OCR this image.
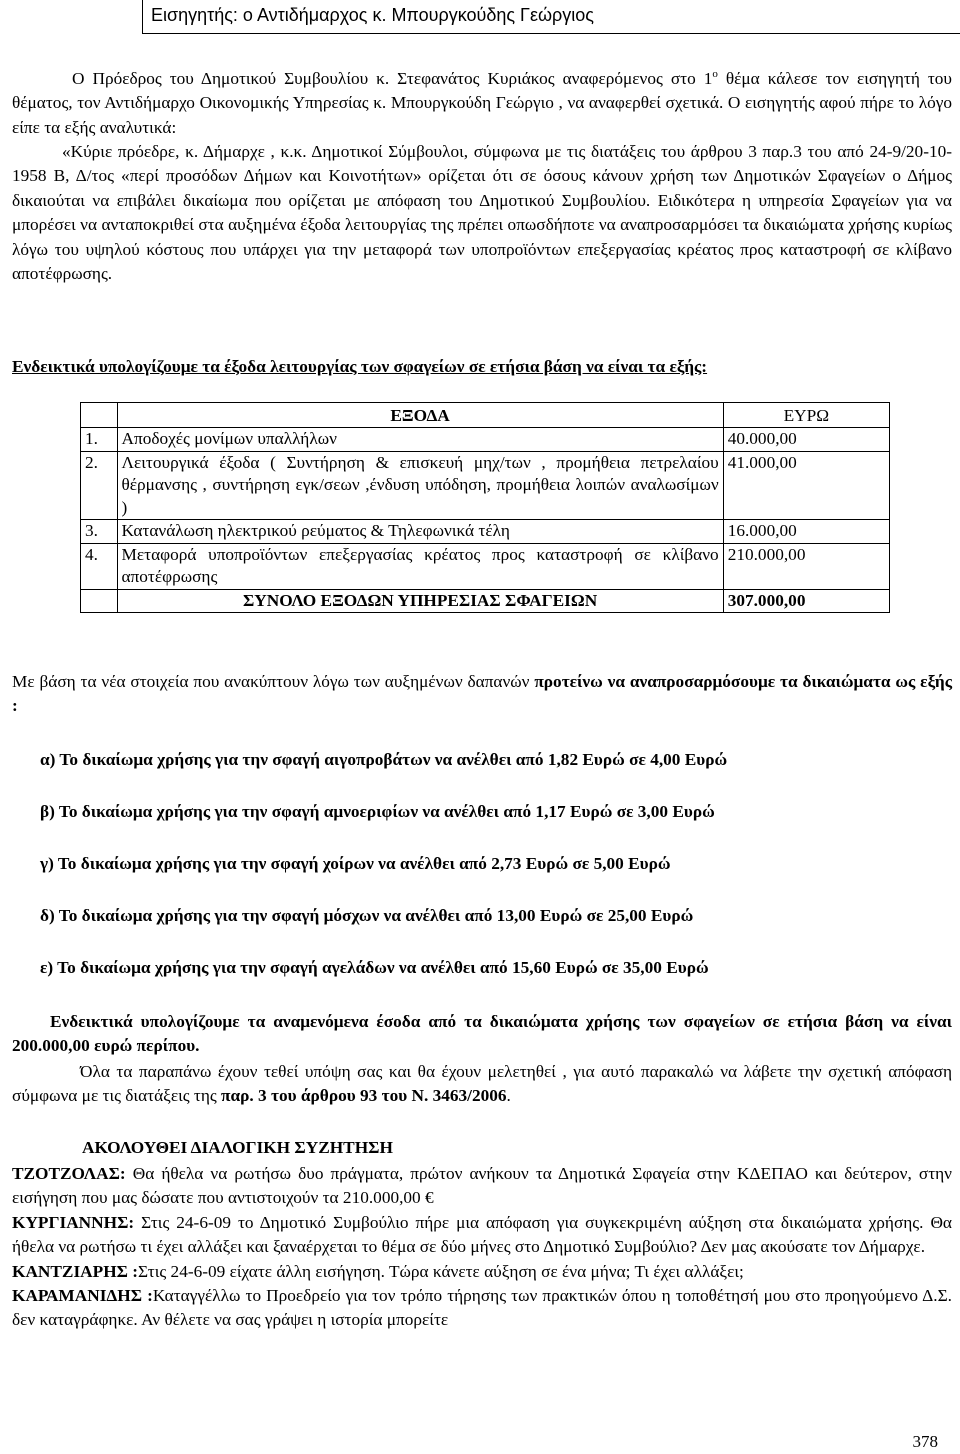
Εισηγητής: ο Αντιδήμαρχος κ. Μπουργκούδης Γεώργιος

Ο Πρόεδρος του Δημοτικού Συμβουλίου κ. Στεφανάτος Κυριάκος αναφερόμενος στο $1^o$ θέμα κάλεσε τον εισηγητή του θέματος, τον Αντιδήμαρχο Οικονομικής Υπηρεσίας κ. Μπουργκούδη Γεώργιο , να αναφερθεί σχετικά. Ο εισηγητής αφού πήρε το λόγο είπε τα εξής αναλυτικά:
«Κύριε πρόεδρε, κ. Δήμαρχε , κ.κ. Δημοτικοί Σύμβουλοι, σύμφωνα με τις διατάξεις του άρθρου 3 παρ.3 του από 24-9/20-10-1958 Β, Δ/τος «περί προσόδων Δήμων και Κοινοτήτων» ορίζεται ότι σε όσους κάνουν χρήση των Δημοτικών Σφαγείων ο Δήμος δικαιούται να επιβάλει δικαίωμα που ορίζεται με απόφαση του Δημοτικού Συμβουλίου. Ειδικότερα η υπηρεσία Σφαγείων για να μπορέσει να ανταποκριθεί στα αυξημένα έξοδα λειτουργίας της πρέπει οπωσδήποτε να αναπροσαρμόσει τα δικαιώματα χρήσης κυρίως λόγω του υψηλού κόστους που υπάρχει για την μεταφορά των υποπροϊόντων επεξεργασίας κρέατος προς καταστροφή σε κλίβανο αποτέφρωσης.

Ενδεικτικά υπολογίζουμε τα έξοδα λειτουργίας των σφαγείων σε ετήσια βάση να είναι τα εξής:

	ΕΞΟΔΑ	ΕΥΡΩ
1.	Αποδοχές μονίμων υπαλλήλων	40.000,00
2.	Λειτουργικά έξοδα ( Συντήρηση & επισκευή μηχ/των , προμήθεια πετρελαίου θέρμανσης , συντήρηση εγκ/σεων ,ένδυση υπόδηση, προμήθεια λοιπών αναλωσίμων )	41.000,00
3.	Κατανάλωση ηλεκτρικού ρεύματος & Τηλεφωνικά τέλη	16.000,00
4.	Μεταφορά υποπροϊόντων επεξεργασίας κρέατος προς καταστροφή σε κλίβανο αποτέφρωσης	210.000,00
	ΣΥΝΟΛΟ ΕΞΟΔΩΝ ΥΠΗΡΕΣΙΑΣ ΣΦΑΓΕΙΩΝ	307.000,00

Με βάση τα νέα στοιχεία που ανακύπτουν λόγω των αυξημένων δαπανών προτείνω να αναπροσαρμόσουμε τα δικαιώματα ως εξής :

α) Το δικαίωμα χρήσης για την σφαγή αιγοπροβάτων να ανέλθει από 1,82 Ευρώ σε 4,00 Ευρώ
β) Το δικαίωμα χρήσης για την σφαγή αμνοεριφίων να ανέλθει από 1,17 Ευρώ σε 3,00 Ευρώ
γ) Το δικαίωμα χρήσης για την σφαγή χοίρων να ανέλθει από 2,73 Ευρώ σε 5,00 Ευρώ
δ) Το δικαίωμα χρήσης για την σφαγή μόσχων να ανέλθει από 13,00 Ευρώ σε 25,00 Ευρώ
ε) Το δικαίωμα χρήσης για την σφαγή αγελάδων να ανέλθει από 15,60 Ευρώ σε 35,00 Ευρώ

Ενδεικτικά υπολογίζουμε τα αναμενόμενα έσοδα από τα δικαιώματα χρήσης των σφαγείων σε ετήσια βάση να είναι 200.000,00 ευρώ περίπου.

Όλα τα παραπάνω έχουν τεθεί υπόψη σας και θα έχουν μελετηθεί , για αυτό παρακαλώ να λάβετε την σχετική απόφαση σύμφωνα με τις διατάξεις της παρ. 3 του άρθρου 93 του Ν. 3463/2006.

ΑΚΟΛΟΥΘΕΙ ΔΙΑΛΟΓΙΚΗ ΣΥΖΗΤΗΣΗ

ΤΖΟΤΖΟΛΑΣ: Θα ήθελα να ρωτήσω δυο πράγματα, πρώτον ανήκουν τα Δημοτικά Σφαγεία στην ΚΔΕΠΑΟ και δεύτερον, στην εισήγηση που μας δώσατε που αντιστοιχούν τα 210.000,00 €
ΚΥΡΓΙΑΝΝΗΣ: Στις 24-6-09 το Δημοτικό Συμβούλιο πήρε μια απόφαση για συγκεκριμένη αύξηση στα δικαιώματα χρήσης. Θα ήθελα να ρωτήσω τι έχει αλλάξει και ξαναέρχεται το θέμα σε δύο μήνες στο Δημοτικό Συμβούλιο? Δεν μας ακούσατε τον Δήμαρχε.
ΚΑΝΤΖΙΑΡΗΣ :Στις 24-6-09 είχατε άλλη εισήγηση. Τώρα κάνετε αύξηση σε ένα μήνα; Τι έχει αλλάξει;
ΚΑΡΑΜΑΝΙΔΗΣ :Καταγγέλλω το Προεδρείο για τον τρόπο τήρησης των πρακτικών όπου η τοποθέτησή μου στο προηγούμενο Δ.Σ. δεν καταγράφηκε. Αν θέλετε να σας γράψει η ιστορία μπορείτε

378
